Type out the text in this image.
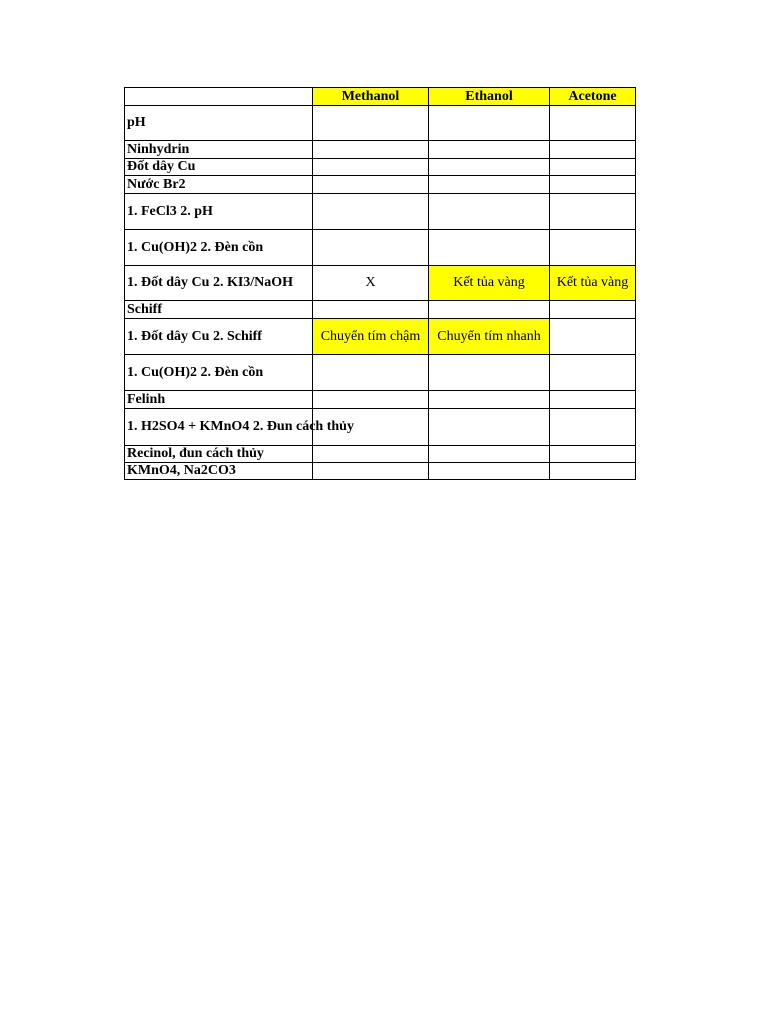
	Methanol	Ethanol	Acetone
pH			
Ninhydrin			
Đốt dây Cu			
Nước Br2			
1. FeCl3 2. pH			
1. Cu(OH)2 2. Đèn cồn			
1. Đốt dây Cu 2. KI3/NaOH	X	Kết tủa vàng	Kết tủa vàng
Schiff			
1. Đốt dây Cu 2. Schiff	Chuyển tím chậm	Chuyển tím nhanh	
1. Cu(OH)2 2. Đèn cồn			
Felinh			
1. H2SO4 + KMnO4 2. Đun cách thủy			
Recinol, đun cách thủy			
KMnO4, Na2CO3			
